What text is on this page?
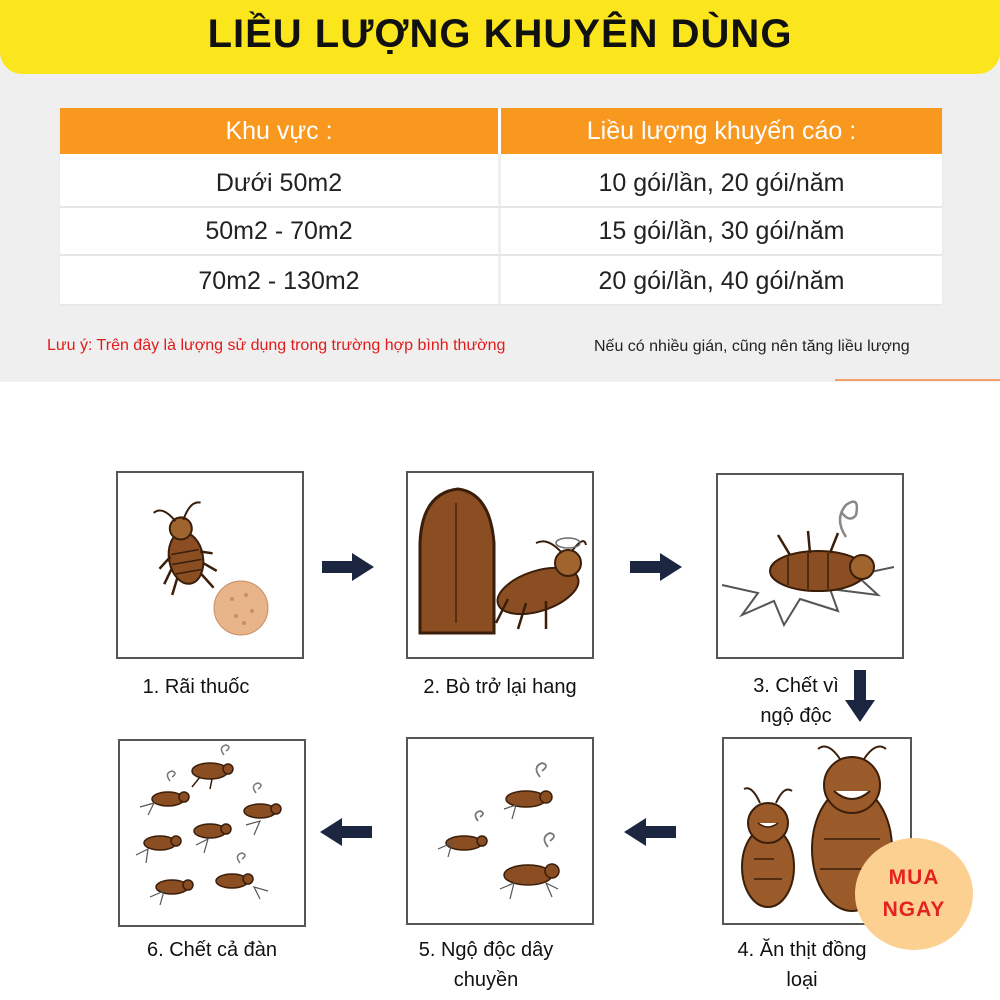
LIỀU LƯỢNG KHUYÊN DÙNG
Khu vực :	Liều lượng khuyến cáo :
Dưới 50m2	10 gói/lần, 20 gói/năm
50m2 - 70m2	15 gói/lần, 30 gói/năm
70m2 - 130m2	20 gói/lần, 40 gói/năm
Lưu ý: Trên đây là lượng sử dụng trong trường hợp bình thường	Nếu có nhiều gián, cũng nên tăng liều lượng
1. Rãi thuốc	2. Bò trở lại hang	3. Chết vì
ngộ độc
6. Chết cả đàn	5. Ngộ độc dây
chuyền
4. Ăn thịt đồng
loại
MUA
NGAY
